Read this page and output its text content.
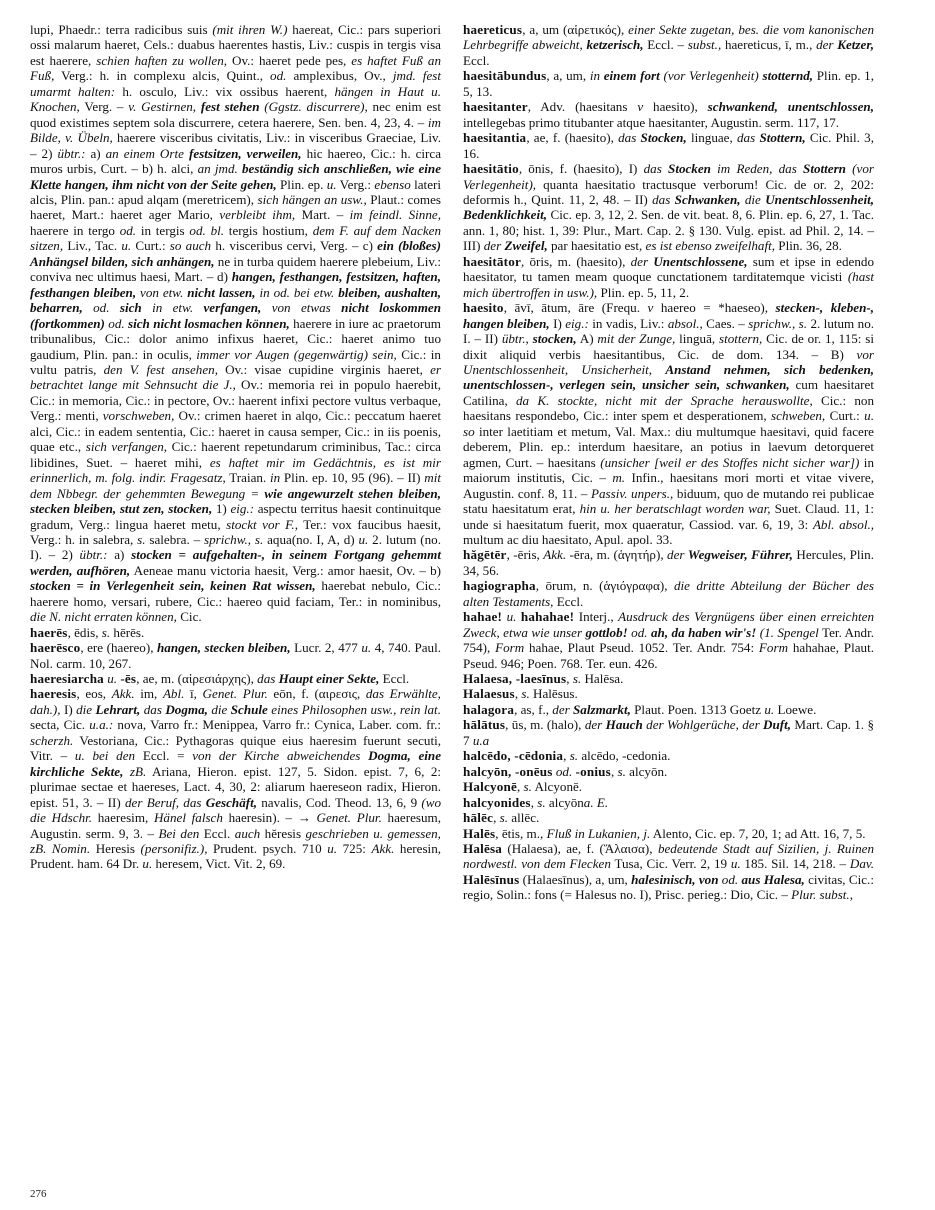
lupi, Phaedr.: terra radicibus suis (mit ihren W.) haereat, Cic.: pars superiori ossi malarum haeret, Cels.: duabus haerentes hastis, Liv.: cuspis in tergis visa est haerere, schien haften zu wollen, Ov.: haeret pede pes, es haftet Fuß an Fuß, Verg.: h. in complexu alcis, Quint., od. amplexibus, Ov., jmd. fest umarmt halten: h. osculo, Liv.: vix ossibus haerent, hängen in Haut u. Knochen, Verg. – v. Gestirnen, fest stehen (Ggstz. discurrere), nec enim est quod existimes septem sola discurrere, cetera haerere, Sen. ben. 4, 23, 4. – im Bilde, v. Übeln, haerere visceribus civitatis, Liv.: in visceribus Graeciae, Liv. – 2) übtr.: a) an einem Orte festsitzen, verweilen, hic haereo, Cic.: h. circa muros urbis, Curt. – b) h. alci, an jmd. beständig sich anschließen, wie eine Klette hangen, ihm nicht von der Seite gehen, Plin. ep. u. Verg.: ebenso lateri alcis, Plin. pan.: apud alqam (meretricem), sich hängen an usw., Plaut.: comes haeret, Mart.: haeret ager Mario, verbleibt ihm, Mart. – im feindl. Sinne, haerere in tergo od. in tergis od. bl. tergis hostium, dem F. auf dem Nacken sitzen, Liv., Tac. u. Curt.: so auch h. visceribus cervi, Verg. – c) ein (bloßes) Anhängsel bilden, sich anhängen, ne in turba quidem haerere plebeium, Liv.: conviva nec ultimus haesi, Mart. – d) hangen, festhangen, festsitzen, haften, festhangen bleiben, von etw. nicht lassen, in od. bei etw. bleiben, aushalten, beharren, od. sich in etw. verfangen, von etwas nicht loskommen (fortkommen) od. sich nicht losmachen können, haerere in iure ac praetorum tribunalibus, Cic.: dolor animo infixus haeret, Cic.: haeret animo tuo gaudium, Plin. pan.: in oculis, immer vor Augen (gegenwärtig) sein, Cic.: in vultu patris, den V. fest ansehen, Ov.: visae cupidine virginis haeret, er betrachtet lange mit Sehnsucht die J., Ov.: memoria rei in populo haerebit, Cic.: in memoria, Cic.: in pectore, Ov.: haerent infixi pectore vultus verbaque, Verg.: menti, vorschweben, Ov.: crimen haeret in alqo, Cic.: peccatum haeret alci, Cic.: in eadem sententia, Cic.: haeret in causa semper, Cic.: in iis poenis, quae etc., sich verfangen, Cic.: haerent repetundarum criminibus, Tac.: circa libidines, Suet. – haeret mihi, es haftet mir im Gedächtnis, es ist mir erinnerlich, m. folg. indir. Fragesatz, Traian. in Plin. ep. 10, 95 (96). – II) mit dem Nbbegr. der gehemmten Bewegung = wie angewurzelt stehen bleiben, stecken bleiben, stut zen, stocken, 1) eig.: aspectu territus haesit continuitque gradum, Verg.: lingua haeret metu, stockt vor F., Ter.: vox faucibus haesit, Verg.: h. in salebra, s. salebra. – sprichw., s. aqua(no. I, A, d) u. 2. lutum (no. I). – 2) übtr.: a) stocken = aufgehalten-, in seinem Fortgang gehemmt werden, aufhören, Aeneae manu victoria haesit, Verg.: amor haesit, Ov. – b) stocken = in Verlegenheit sein, keinen Rat wissen, haerebat nebulo, Cic.: haerere homo, versari, rubere, Cic.: haereo quid faciam, Ter.: in nominibus, die N. nicht erraten können, Cic.

haerēs, ēdis, s. hērēs.

haerēsco, ere (haereo), hangen, stecken bleiben, Lucr. 2, 477 u. 4, 740. Paul. Nol. carm. 10, 267.

haeresiarcha u. -ēs, ae, m. (αἱρεσιάρχης), das Haupt einer Sekte, Eccl.

haeresis, eos, Akk. im, Abl. ī, Genet. Plur. eōn, f. (αιρεσις, das Erwählte, dah.), I) die Lehrart, das Dogma, die Schule eines Philosophen usw., rein lat. secta, Cic. u.a.: nova, Varro fr.: Menippea, Varro fr.: Cynica, Laber. com. fr.: scherzh. Vestoriana, Cic.: Pythagoras quique eius haeresim fuerunt secuti, Vitr. – u. bei den Eccl. = von der Kirche abweichendes Dogma, eine kirchliche Sekte, zB. Ariana, Hieron. epist. 127, 5. Sidon. epist. 7, 6, 2: plurimae sectae et haereses, Lact. 4, 30, 2: aliarum haereseon radix, Hieron. epist. 51, 3. – II) der Beruf, das Geschäft, navalis, Cod. Theod. 13, 6, 9 (wo die Hdschr. haeresim, Hänel falsch haeresin). – → Genet. Plur. haeresum, Augustin. serm. 9, 3. – Bei den Eccl. auch hĕresis geschrieben u. gemessen, zB. Nomin. Heresis (personifiz.), Prudent. psych. 710 u. 725: Akk. heresin, Prudent. ham. 64 Dr. u. heresem, Vict. Vit. 2, 69.

haereticus, a, um (αἱρετικός), einer Sekte zugetan, bes. die vom kanonischen Lehrbegriffe abweicht, ketzerisch, Eccl. – subst., haereticus, ī, m., der Ketzer, Eccl.

haesitābundus, a, um, in einem fort (vor Verlegenheit) stotternd, Plin. ep. 1, 5, 13.

haesitanter, Adv. (haesitans v haesito), schwankend, unentschlossen, intellegebas primo titubanter atque haesitanter, Augustin. serm. 117, 17.

haesitantia, ae, f. (haesito), das Stocken, linguae, das Stottern, Cic. Phil. 3, 16.

haesitātio, ōnis, f. (haesito), I) das Stocken im Reden, das Stottern (vor Verlegenheit), quanta haesitatio tractusque verborum! Cic. de or. 2, 202: deformis h., Quint. 11, 2, 48. – II) das Schwanken, die Unentschlossenheit, Bedenklichkeit, Cic. ep. 3, 12, 2. Sen. de vit. beat. 8, 6. Plin. ep. 6, 27, 1. Tac. ann. 1, 80; hist. 1, 39: Plur., Mart. Cap. 2. § 130. Vulg. epist. ad Phil. 2, 14. – III) der Zweifel, par haesitatio est, es ist ebenso zweifelhaft, Plin. 36, 28.

haesitātor, ōris, m. (haesito), der Unentschlossene, sum et ipse in edendo haesitator, tu tamen meam quoque cunctationem tarditatemque vicisti (hast mich übertroffen in usw.), Plin. ep. 5, 11, 2.

haesito, āvī, ātum, āre (Frequ. v haereo = *haeseo), stecken-, kleben-, hangen bleiben, I) eig.: in vadis, Liv.: absol., Caes. – sprichw., s. 2. lutum no. I. – II) übtr., stocken, A) mit der Zunge, linguā, stottern, Cic. de or. 1, 115: si dixit aliquid verbis haesitantibus, Cic. de dom. 134. – B) vor Unentschlossenheit, Unsicherheit, Anstand nehmen, sich bedenken, unentschlossen-, verlegen sein, unsicher sein, schwanken, cum haesitaret Catilina, da K. stockte, nicht mit der Sprache herauswollte, Cic.: non haesitans respondebo, Cic.: inter spem et desperationem, schweben, Curt.: u. so inter laetitiam et metum, Val. Max.: diu multumque haesitavi, quid facere deberem, Plin. ep.: interdum haesitare, an potius in laevum detorqueret agmen, Curt. – haesitans (unsicher [weil er des Stoffes nicht sicher war]) in maiorum institutis, Cic. – m. Infin., haesitans mori morti et vitae vivere, Augustin. conf. 8, 11. – Passiv. unpers., biduum, quo de mutando rei publicae statu haesitatum erat, hin u. her beratschlagt worden war, Suet. Claud. 11, 1: unde si haesitatum fuerit, mox quaeratur, Cassiod. var. 6, 19, 3: Abl. absol., multum ac diu haesitato, Apul. apol. 33.

hăgētēr, -ēris, Akk. -ēra, m. (ἁγητήρ), der Wegweiser, Führer, Hercules, Plin. 34, 56.

hagiographa, ōrum, n. (ἁγιόγραφα), die dritte Abteilung der Bücher des alten Testaments, Eccl.

hahae! u. hahahae! Interj., Ausdruck des Vergnügens über einen erreichten Zweck, etwa wie unser gottlob! od. ah, da haben wir's! (1. Spengel Ter. Andr. 754), Form hahae, Plaut Pseud. 1052. Ter. Andr. 754: Form hahahae, Plaut. Pseud. 946; Poen. 768. Ter. eun. 426.

Halaesa, -laesīnus, s. Halēsa.

Halaesus, s. Halēsus.

halagora, as, f., der Salzmarkt, Plaut. Poen. 1313 Goetz u. Loewe.

hālātus, ūs, m. (halo), der Hauch der Wohlgerüche, der Duft, Mart. Cap. 1. § 7 u.a

halcēdo, -cēdonia, s. alcēdo, -cedonia.

halcyōn, -onēus od. -onius, s. alcyōn.

Halcyonē, s. Alcyonē.

halcyonides, s. alcyōna. E.

hālēc, s. allēc.

Halēs, ētis, m., Fluß in Lukanien, j. Alento, Cic. ep. 7, 20, 1; ad Att. 16, 7, 5.

Halēsa (Halaesa), ae, f. (Ἅλαισα), bedeutende Stadt auf Sizilien, j. Ruinen nordwestl. von dem Flecken Tusa, Cic. Verr. 2, 19 u. 185. Sil. 14, 218. – Dav. Halēsīnus (Halaesīnus), a, um, halesinisch, von od. aus Halesa, civitas, Cic.: regio, Solin.: fons (= Halesus no. I), Prisc. perieg.: Dio, Cic. – Plur. subst.,

276
